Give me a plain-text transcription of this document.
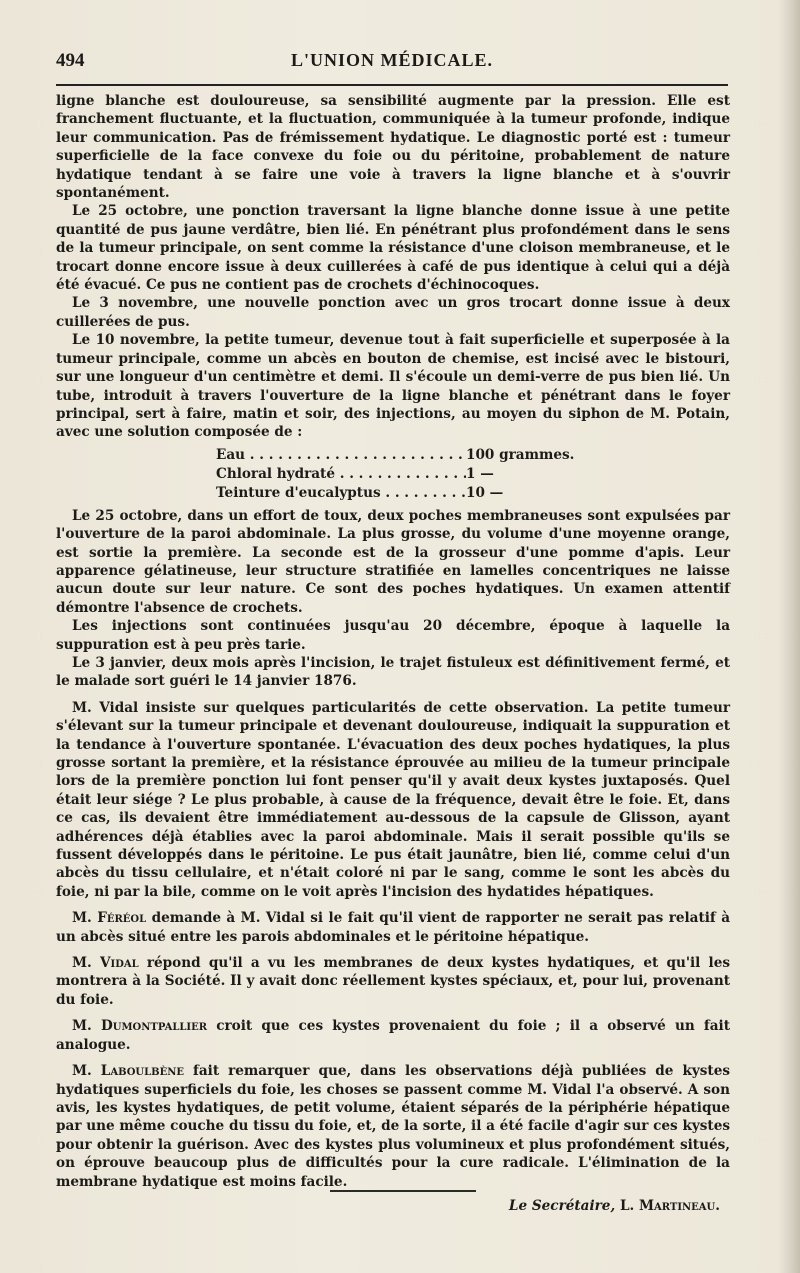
494	L'UNION MÉDICALE.

ligne blanche est douloureuse, sa sensibilité augmente par la pression. Elle est franchement fluctuante, et la fluctuation, communiquée à la tumeur profonde, indique leur communication. Pas de frémissement hydatique. Le diagnostic porté est : tumeur superficielle de la face convexe du foie ou du péritoine, probablement de nature hydatique tendant à se faire une voie à travers la ligne blanche et à s'ouvrir spontanément.

Le 25 octobre, une ponction traversant la ligne blanche donne issue à une petite quantité de pus jaune verdâtre, bien lié. En pénétrant plus profondément dans le sens de la tumeur principale, on sent comme la résistance d'une cloison membraneuse, et le trocart donne encore issue à deux cuillerées à café de pus identique à celui qui a déjà été évacué. Ce pus ne contient pas de crochets d'échinocoques.

Le 3 novembre, une nouvelle ponction avec un gros trocart donne issue à deux cuillerées de pus.

Le 10 novembre, la petite tumeur, devenue tout à fait superficielle et superposée à la tumeur principale, comme un abcès en bouton de chemise, est incisé avec le bistouri, sur une longueur d'un centimètre et demi. Il s'écoule un demi-verre de pus bien lié. Un tube, introduit à travers l'ouverture de la ligne blanche et pénétrant dans le foyer principal, sert à faire, matin et soir, des injections, au moyen du siphon de M. Potain, avec une solution composée de :

Eau . . .	100 grammes.
Chloral hydraté . . .	1 —
Teinture d'eucalyptus . . .	10 —

Le 25 octobre, dans un effort de toux, deux poches membraneuses sont expulsées par l'ouverture de la paroi abdominale. La plus grosse, du volume d'une moyenne orange, est sortie la première. La seconde est de la grosseur d'une pomme d'apis. Leur apparence gélatineuse, leur structure stratifiée en lamelles concentriques ne laisse aucun doute sur leur nature. Ce sont des poches hydatiques. Un examen attentif démontre l'absence de crochets.

Les injections sont continuées jusqu'au 20 décembre, époque à laquelle la suppuration est à peu près tarie.

Le 3 janvier, deux mois après l'incision, le trajet fistuleux est définitivement fermé, et le malade sort guéri le 14 janvier 1876.

M. Vidal insiste sur quelques particularités de cette observation. La petite tumeur s'élevant sur la tumeur principale et devenant douloureuse, indiquait la suppuration et la tendance à l'ouverture spontanée. L'évacuation des deux poches hydatiques, la plus grosse sortant la première, et la résistance éprouvée au milieu de la tumeur principale lors de la première ponction lui font penser qu'il y avait deux kystes juxtaposés. Quel était leur siége ? Le plus probable, à cause de la fréquence, devait être le foie. Et, dans ce cas, ils devaient être immédiatement au-dessous de la capsule de Glisson, ayant adhérences déjà établies avec la paroi abdominale. Mais il serait possible qu'ils se fussent développés dans le péritoine. Le pus était jaunâtre, bien lié, comme celui d'un abcès du tissu cellulaire, et n'était coloré ni par le sang, comme le sont les abcès du foie, ni par la bile, comme on le voit après l'incision des hydatides hépatiques.

M. Féréol demande à M. Vidal si le fait qu'il vient de rapporter ne serait pas relatif à un abcès situé entre les parois abdominales et le péritoine hépatique.

M. Vidal répond qu'il a vu les membranes de deux kystes hydatiques, et qu'il les montrera à la Société. Il y avait donc réellement kystes spéciaux, et, pour lui, provenant du foie.

M. Dumontpallier croit que ces kystes provenaient du foie ; il a observé un fait analogue.

M. Laboulbène fait remarquer que, dans les observations déjà publiées de kystes hydatiques superficiels du foie, les choses se passent comme M. Vidal l'a observé. A son avis, les kystes hydatiques, de petit volume, étaient séparés de la périphérie hépatique par une même couche du tissu du foie, et, de la sorte, il a été facile d'agir sur ces kystes pour obtenir la guérison. Avec des kystes plus volumineux et plus profondément situés, on éprouve beaucoup plus de difficultés pour la cure radicale. L'élimination de la membrane hydatique est moins facile.

Le Secrétaire, L. Martineau.
